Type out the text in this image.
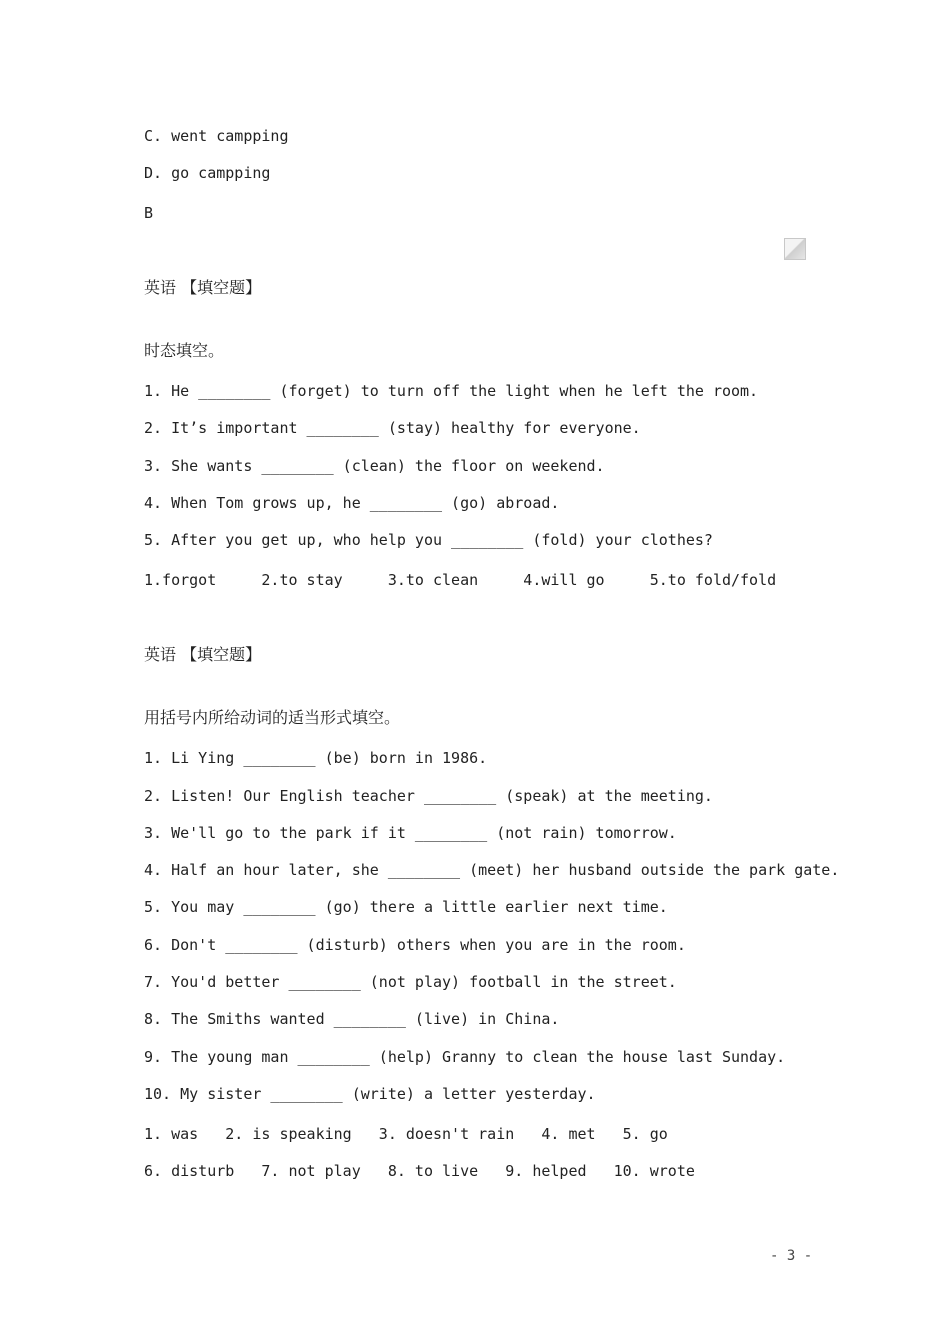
C. went campping
D. go campping
B
英语 【填空题】
时态填空。
1. He ________ (forget) to turn off the light when he left the room.
2. It’s important ________ (stay) healthy for everyone.
3. She wants ________ (clean) the floor on weekend.
4. When Tom grows up, he ________ (go) abroad.
5. After you get up, who help you ________ (fold) your clothes?
1.forgot     2.to stay     3.to clean     4.will go     5.to fold/fold
英语 【填空题】
用括号内所给动词的适当形式填空。
1. Li Ying ________ (be) born in 1986.
2. Listen! Our English teacher ________ (speak) at the meeting.
3. We'll go to the park if it ________ (not rain) tomorrow.
4. Half an hour later, she ________ (meet) her husband outside the park gate.
5. You may ________ (go) there a little earlier next time.
6. Don't ________ (disturb) others when you are in the room.
7. You'd better ________ (not play) football in the street.
8. The Smiths wanted ________ (live) in China.
9. The young man ________ (help) Granny to clean the house last Sunday.
10. My sister ________ (write) a letter yesterday.
1. was   2. is speaking   3. doesn't rain   4. met   5. go
6. disturb   7. not play   8. to live   9. helped   10. wrote
- 3 -
